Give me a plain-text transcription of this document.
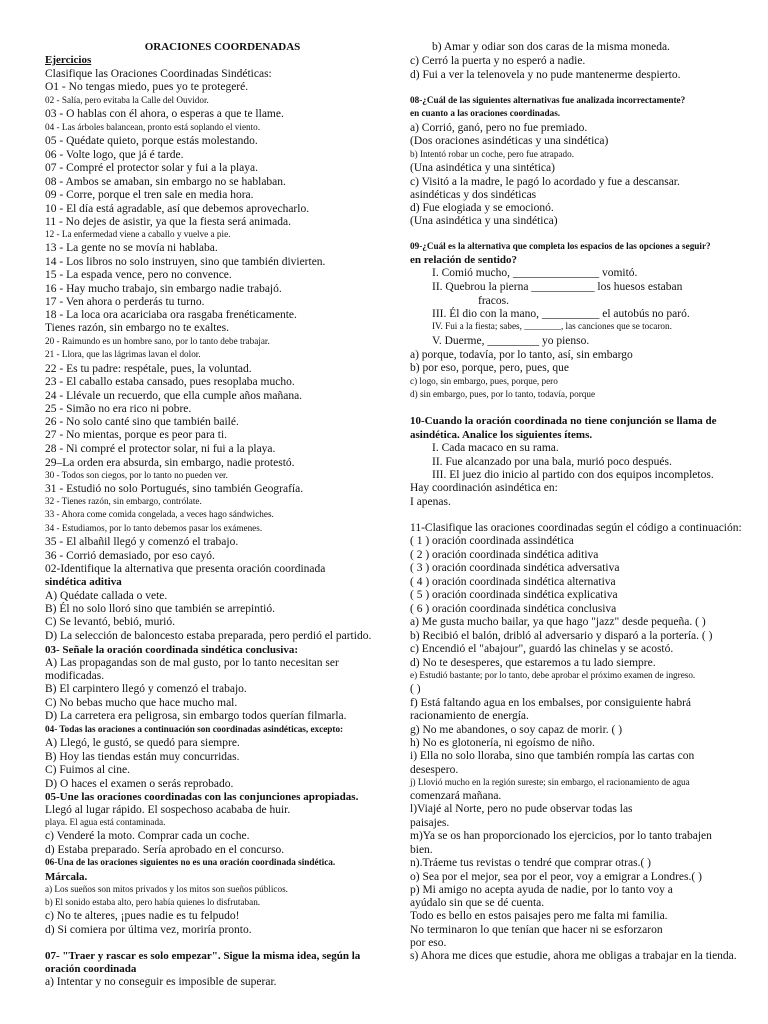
ORACIONES COORDENADAS
Ejercicios
Clasifique las Oraciones Coordinadas Sindéticas:
O1 - No tengas miedo, pues yo te protegeré.
02 - Salía, pero evitaba la Calle del Ouvidor.
03 - O hablas con él ahora, o esperas a que te llame.
04 - Las árboles balancean, pronto está soplando el viento.
05 - Quédate quieto, porque estás molestando.
06 - Volte logo, que já é tarde.
07 - Compré el protector solar y fui a la playa.
08 - Ambos se amaban, sin embargo no se hablaban.
09 - Corre, porque el tren sale en media hora.
10 - El día está agradable, así que debemos aprovecharlo.
11 - No dejes de asistir, ya que la fiesta será animada.
12 - La enfermedad viene a caballo y vuelve a pie.
13 - La gente no se movía ni hablaba.
14 - Los libros no solo instruyen, sino que también divierten.
15 - La espada vence, pero no convence.
16 - Hay mucho trabajo, sin embargo nadie trabajó.
17 - Ven ahora o perderás tu turno.
18 - La loca ora acariciaba ora rasgaba frenéticamente.
Tienes razón, sin embargo no te exaltes.
20 - Raimundo es un hombre sano, por lo tanto debe trabajar.
21 - Llora, que las lágrimas lavan el dolor.
22 - Es tu padre: respétale, pues, la voluntad.
23 - El caballo estaba cansado, pues resoplaba mucho.
24 - Llévale un recuerdo, que ella cumple años mañana.
25 - Simão no era rico ni pobre.
26 - No solo canté sino que también bailé.
27 - No mientas, porque es peor para ti.
28 - Ni compré el protector solar, ni fui a la playa.
29–La orden era absurda, sin embargo, nadie protestó.
30 - Todos son ciegos, por lo tanto no pueden ver.
31 - Estudió no solo Portugués, sino también Geografía.
32 - Tienes razón, sin embargo, contrólate.
33 - Ahora come comida congelada, a veces hago sándwiches.
34 - Estudiamos, por lo tanto debemos pasar los exámenes.
35 - El albañil llegó y comenzó el trabajo.
36 - Corrió demasiado, por eso cayó.
02-Identifique la alternativa que presenta oración coordinada
sindética aditiva
A) Quédate callada o vete.
B) Él no solo lloró sino que también se arrepintió.
C) Se levantó, bebió, murió.
D) La selección de baloncesto estaba preparada, pero perdió el partido.
03- Señale la oración coordinada sindética conclusiva:
A) Las propagandas son de mal gusto, por lo tanto necesitan ser
modificadas.
B) El carpintero llegó y comenzó el trabajo.
C) No bebas mucho que hace mucho mal.
D) La carretera era peligrosa, sin embargo todos querían filmarla.
04- Todas las oraciones a continuación son coordinadas asindéticas, excepto:
A) Llegó, le gustó, se quedó para siempre.
B) Hoy las tiendas están muy concurridas.
C) Fuimos al cine.
D) O haces el examen o serás reprobado.
05-Une las oraciones coordinadas con las conjunciones apropiadas.
Llegó al lugar rápido. El sospechoso acababa de huir.
playa. El agua está contaminada.
c) Venderé la moto. Comprar cada un coche.
d) Estaba preparado. Sería aprobado en el concurso.
06-Una de las oraciones siguientes no es una oración coordinada sindética.
Márcala.
a) Los sueños son mitos privados y los mitos son sueños públicos.
b) El sonido estaba alto, pero había quienes lo disfrutaban.
c) No te alteres, ¡pues nadie es tu felpudo!
d) Si comiera por última vez, moriría pronto.
07- "Traer y rascar es solo empezar". Sigue la misma idea, según la
oración coordinada
a) Intentar y no conseguir es imposible de superar.
b) Amar y odiar son dos caras de la misma moneda.
c) Cerró la puerta y no esperó a nadie.
d) Fui a ver la telenovela y no pude mantenerme despierto.
08-¿Cuál de las siguientes alternativas fue analizada incorrectamente?
en cuanto a las oraciones coordinadas.
a) Corrió, ganó, pero no fue premiado.
(Dos oraciones asindéticas y una sindética)
b) Intentó robar un coche, pero fue atrapado.
(Una asindética y una sintética)
c) Visitó a la madre, le pagó lo acordado y fue a descansar.
asindéticas y dos sindéticas
d) Fue elogiada y se emocionó.
(Una asindética y una sindética)
09-¿Cuál es la alternativa que completa los espacios de las opciones a seguir?
en relación de sentido?
I. Comió mucho, _______________ vomitó.
II. Quebrou la pierna ___________ los huesos estaban
fracos.
III. Él dio con la mano, __________ el autobús no paró.
IV. Fui a la fiesta; sabes, ________, las canciones que se tocaron.
V. Duerme, _________ yo pienso.
a) porque, todavía, por lo tanto, así, sin embargo
b) por eso, porque, pero, pues, que
c) logo, sin embargo, pues, porque, pero
d) sin embargo, pues, por lo tanto, todavía, porque
10-Cuando la oración coordinada no tiene conjunción se llama de
asindética. Analice los siguientes ítems.
I. Cada macaco en su rama.
II. Fue alcanzado por una bala, murió poco después.
III. El juez dio inicio al partido con dos equipos incompletos.
Hay coordinación asindética en:
I apenas.
11-Clasifique las oraciones coordinadas según el código a continuación:
( 1 ) oración coordinada assindética
( 2 ) oración coordinada sindética aditiva
( 3 ) oración coordinada sindética adversativa
( 4 ) oración coordinada sindética alternativa
( 5 ) oración coordinada sindética explicativa
( 6 ) oración coordinada sindética conclusiva
a) Me gusta mucho bailar, ya que hago "jazz" desde pequeña. ( )
b) Recibió el balón, dribló al adversario y disparó a la portería. ( )
c) Encendió el "abajour", guardó las chinelas y se acostó.
d) No te desesperes, que estaremos a tu lado siempre.
e) Estudió bastante; por lo tanto, debe aprobar el próximo examen de ingreso.
( )
f) Está faltando agua en los embalses, por consiguiente habrá
racionamiento de energía.
g) No me abandones, o soy capaz de morir. ( )
h) No es glotonería, ni egoísmo de niño.
i) Ella no solo lloraba, sino que también rompía las cartas con
desespero.
j) Llovió mucho en la región sureste; sin embargo, el racionamiento de agua
comenzará mañana.
l)Viajé al Norte, pero no pude observar todas las
paisajes.
m)Ya se os han proporcionado los ejercicios, por lo tanto trabajen
bien.
n).Tráeme tus revistas o tendré que comprar otras.( )
o) Sea por el mejor, sea por el peor, voy a emigrar a Londres.( )
p) Mi amigo no acepta ayuda de nadie, por lo tanto voy a
ayúdalo sin que se dé cuenta.
Todo es bello en estos paisajes pero me falta mi familia.
No terminaron lo que tenían que hacer ni se esforzaron
por eso.
s) Ahora me dices que estudie, ahora me obligas a trabajar en la tienda.
